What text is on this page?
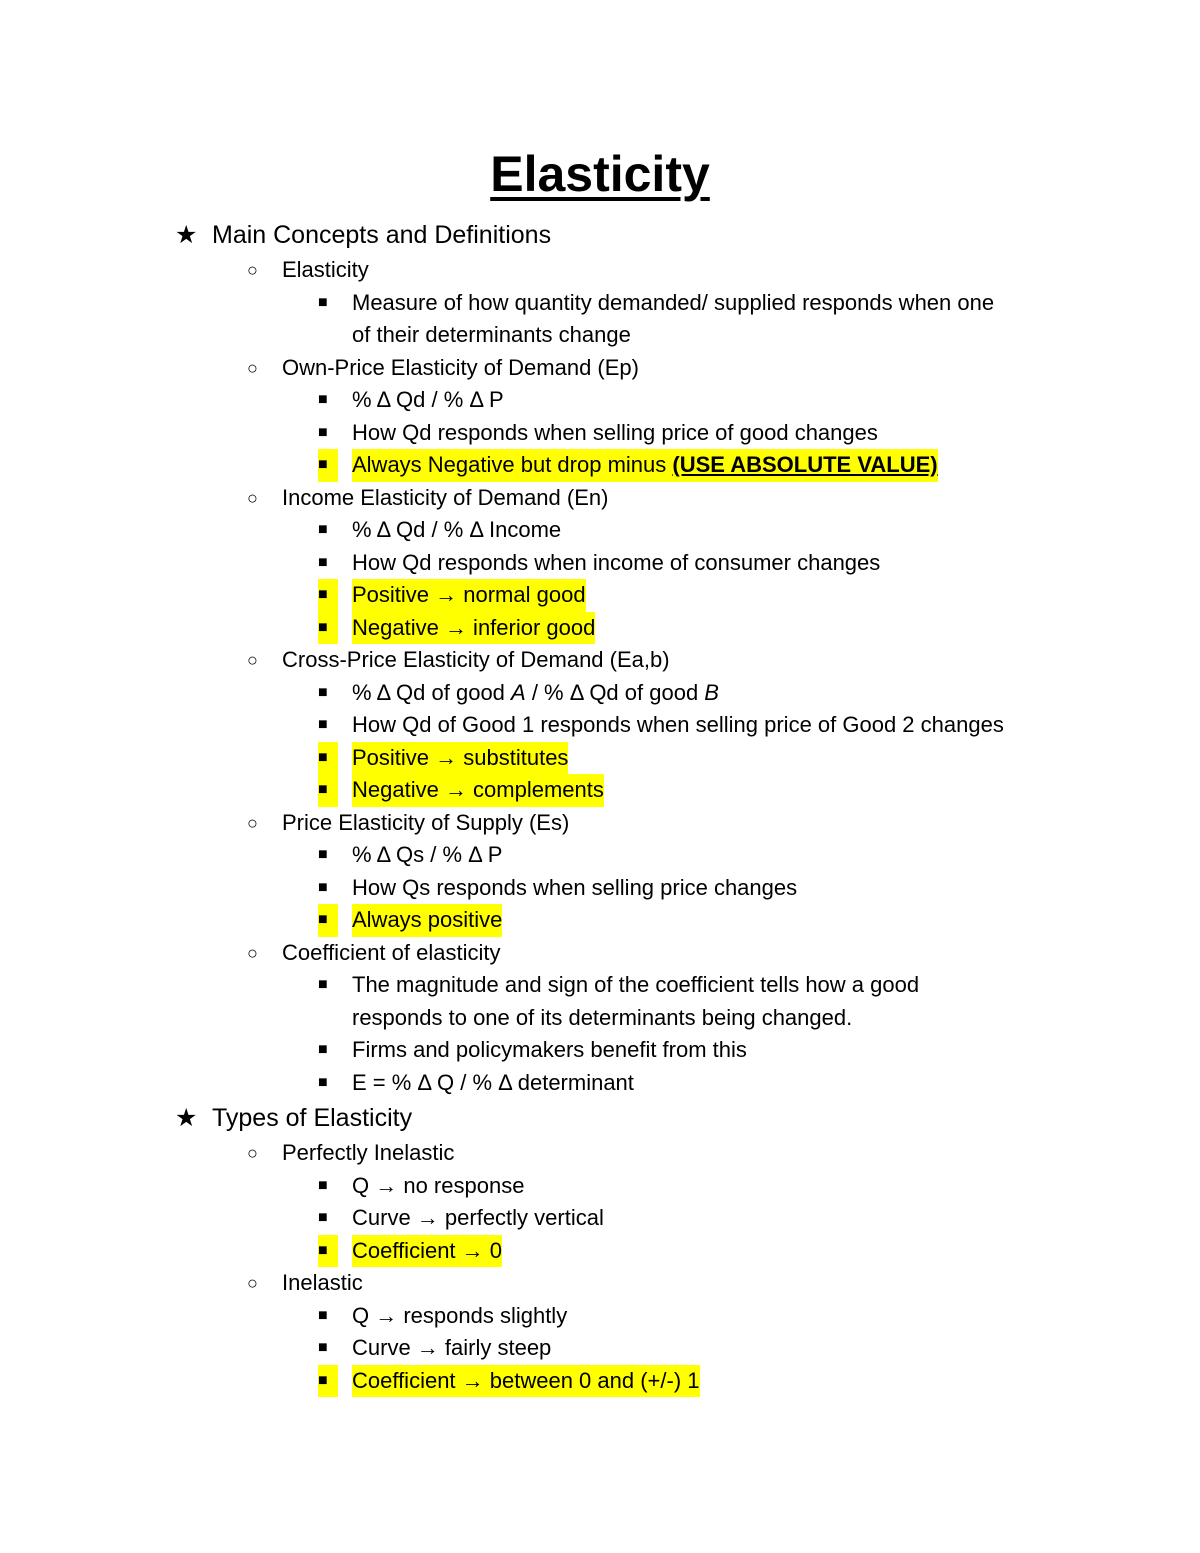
Elasticity
★ Main Concepts and Definitions
○ Elasticity
■ Measure of how quantity demanded/ supplied responds when one
of their determinants change
○ Own-Price Elasticity of Demand (Ep)
■ % Δ Qd / % Δ P
■ How Qd responds when selling price of good changes
■	Always Negative but drop minus (USE ABSOLUTE VALUE)
○ Income Elasticity of Demand (En)
■ % Δ Qd / % Δ Income
■ How Qd responds when income of consumer changes
■	Positive → normal good
■	Negative → inferior good
○ Cross-Price Elasticity of Demand (Ea,b)
■ % Δ Qd of good A / % Δ Qd of good B
■ How Qd of Good 1 responds when selling price of Good 2 changes
■	Positive → substitutes
■	Negative → complements
○ Price Elasticity of Supply (Es)
■ % Δ Qs / % Δ P
■ How Qs responds when selling price changes
■	Always positive
○ Coefficient of elasticity
■ The magnitude and sign of the coefficient tells how a good
responds to one of its determinants being changed.
■ Firms and policymakers benefit from this
■ E = % Δ Q / % Δ determinant
★ Types of Elasticity
○ Perfectly Inelastic
■ Q → no response
■ Curve → perfectly vertical
■	Coefficient → 0
○ Inelastic
■ Q → responds slightly
■ Curve → fairly steep
■	Coefficient → between 0 and (+/-) 1
